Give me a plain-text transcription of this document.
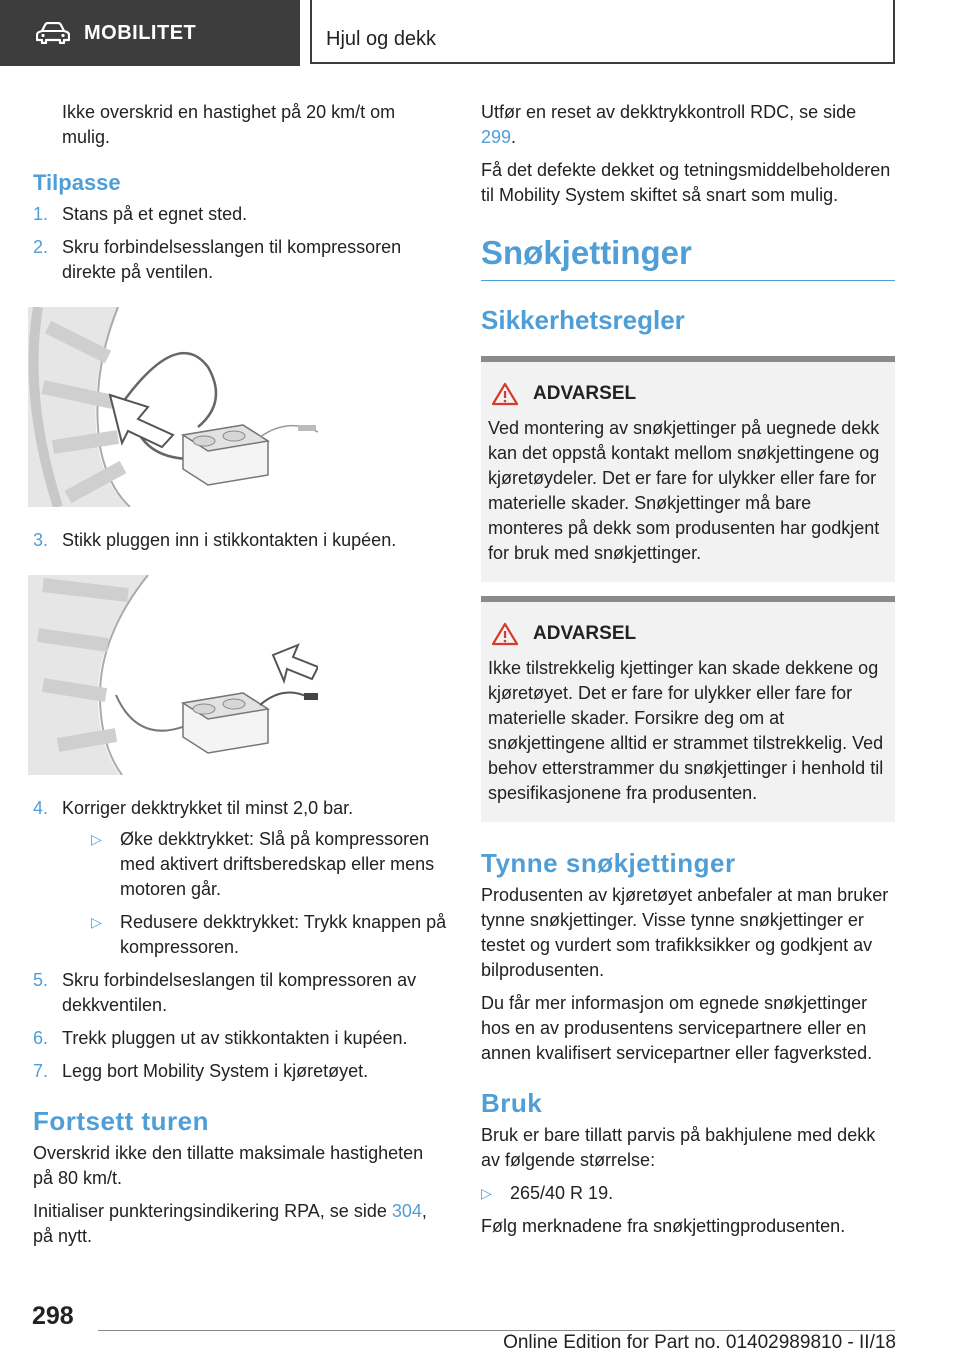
MOBILITET	Hjul og dekk

Ikke overskrid en hastighet på 20 km/t om mulig.

Tilpasse
1. Stans på et egnet sted.
2. Skru forbindelsesslangen til kompressoren direkte på ventilen.
3. Stikk pluggen inn i stikkontakten i kupéen.
4. Korriger dekktrykket til minst 2,0 bar.
▷ Øke dekktrykket: Slå på kompressoren med aktivert driftsberedskap eller mens motoren går.
▷ Redusere dekktrykket: Trykk knappen på kompressoren.
5. Skru forbindelseslangen til kompressoren av dekkventilen.
6. Trekk pluggen ut av stikkontakten i kupéen.
7. Legg bort Mobility System i kjøretøyet.
Fortsett turen

Overskrid ikke den tillatte maksimale hastigheten på 80 km/t.

Initialiser punkteringsindikering RPA, se side 304, på nytt.

Utfør en reset av dekktrykkontroll RDC, se side 299.

Få det defekte dekket og tetningsmiddelbeholderen til Mobility System skiftet så snart som mulig.

Snøkjettinger
Sikkerhetsregler
ADVARSEL

Ved montering av snøkjettinger på uegnede dekk kan det oppstå kontakt mellom snøkjettingene og kjøretøydeler. Det er fare for ulykker eller fare for materielle skader. Snøkjettinger må bare monteres på dekk som produsenten har godkjent for bruk med snøkjettinger.

ADVARSEL

Ikke tilstrekkelig kjettinger kan skade dekkene og kjøretøyet. Det er fare for ulykker eller fare for materielle skader. Forsikre deg om at snøkjettingene alltid er strammet tilstrekkelig. Ved behov etterstrammer du snøkjettinger i henhold til spesifikasjonene fra produsenten.

Tynne snøkjettinger

Produsenten av kjøretøyet anbefaler at man bruker tynne snøkjettinger. Visse tynne snøkjettinger er testet og vurdert som trafikksikker og godkjent av bilprodusenten.

Du får mer informasjon om egnede snøkjettinger hos en av produsentens servicepartnere eller en annen kvalifisert servicepartner eller fagverksted.

Bruk

Bruk er bare tillatt parvis på bakhjulene med dekk av følgende størrelse:

▷ 265/40 R 19.

Følg merknadene fra snøkjettingprodusenten.

298
Online Edition for Part no. 01402989810 - II/18
